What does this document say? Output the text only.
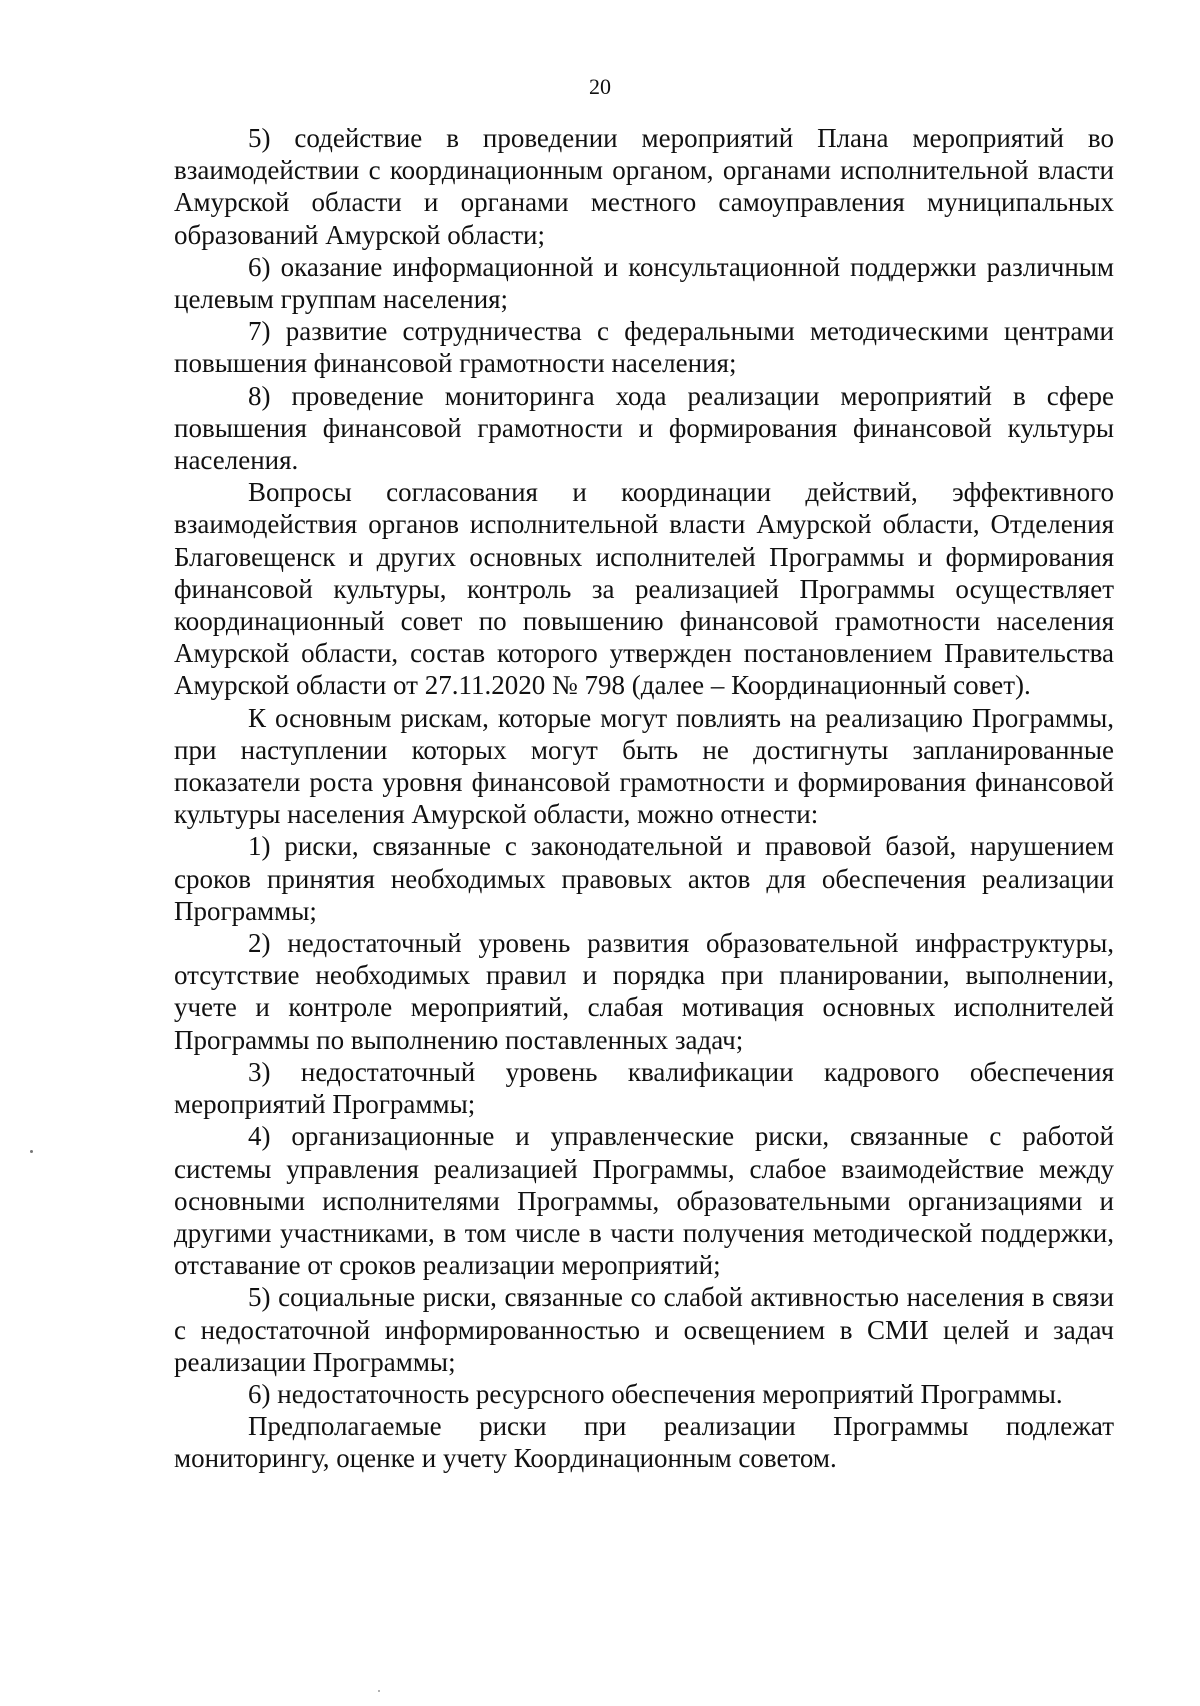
20

5) содействие в проведении мероприятий Плана мероприятий во взаимодействии с координационным органом, органами исполнительной власти Амурской области и органами местного самоуправления муниципальных образований Амурской области;

6) оказание информационной и консультационной поддержки различным целевым группам населения;

7) развитие сотрудничества с федеральными методическими центрами повышения финансовой грамотности населения;

8) проведение мониторинга хода реализации мероприятий в сфере повышения финансовой грамотности и формирования финансовой культуры населения.

Вопросы согласования и координации действий, эффективного взаимодействия органов исполнительной власти Амурской области, Отделения Благовещенск и других основных исполнителей Программы и формирования финансовой культуры, контроль за реализацией Программы осуществляет координационный совет по повышению финансовой грамотности населения Амурской области, состав которого утвержден постановлением Правительства Амурской области от 27.11.2020 № 798 (далее – Координационный совет).

К основным рискам, которые могут повлиять на реализацию Программы, при наступлении которых могут быть не достигнуты запланированные показатели роста уровня финансовой грамотности и формирования финансовой культуры населения Амурской области, можно отнести:

1) риски, связанные с законодательной и правовой базой, нарушением сроков принятия необходимых правовых актов для обеспечения реализации Программы;

2) недостаточный уровень развития образовательной инфраструктуры, отсутствие необходимых правил и порядка при планировании, выполнении, учете и контроле мероприятий, слабая мотивация основных исполнителей Программы по выполнению поставленных задач;

3) недостаточный уровень квалификации кадрового обеспечения мероприятий Программы;

4) организационные и управленческие риски, связанные с работой системы управления реализацией Программы, слабое взаимодействие между основными исполнителями Программы, образовательными организациями и другими участниками, в том числе в части получения методической поддержки, отставание от сроков реализации мероприятий;

5) социальные риски, связанные со слабой активностью населения в связи с недостаточной информированностью и освещением в СМИ целей и задач реализации Программы;

6) недостаточность ресурсного обеспечения мероприятий Программы.

Предполагаемые риски при реализации Программы подлежат мониторингу, оценке и учету Координационным советом.
